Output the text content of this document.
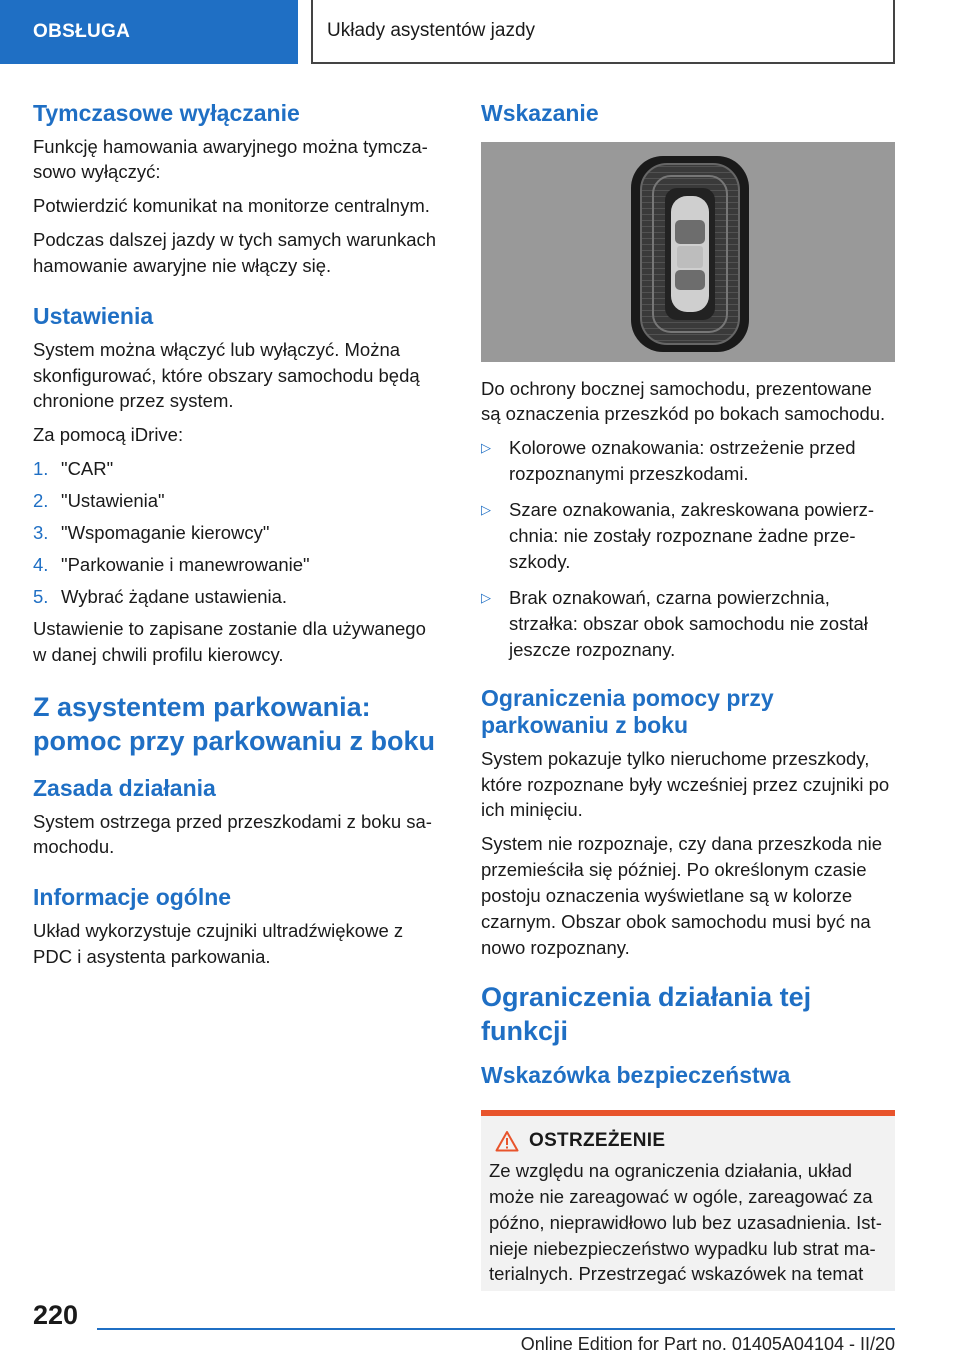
OBSŁUGA	Układy asystentów jazdy
Tymczasowe wyłączanie

Funkcję hamowania awaryjnego można tymcza-sowo wyłączyć:

Potwierdzić komunikat na monitorze centralnym.

Podczas dalszej jazdy w tych samych warunkach hamowanie awaryjne nie włączy się.

Ustawienia

System można włączyć lub wyłączyć. Można skonfigurować, które obszary samochodu będą chronione przez system.

Za pomocą iDrive:

1. "CAR"
2. "Ustawienia"
3. "Wspomaganie kierowcy"
4. "Parkowanie i manewrowanie"
5. Wybrać żądane ustawienia.

Ustawienie to zapisane zostanie dla używanego w danej chwili profilu kierowcy.

Z asystentem parkowania: pomoc przy parkowaniu z boku
Zasada działania

System ostrzega przed przeszkodami z boku sa-mochodu.

Informacje ogólne

Układ wykorzystuje czujniki ultradźwiękowe z PDC i asystenta parkowania.

Wskazanie

Do ochrony bocznej samochodu, prezentowane są oznaczenia przeszkód po bokach samochodu.

▷ Kolorowe oznakowania: ostrzeżenie przed rozpoznanymi przeszkodami.
▷ Szare oznakowania, zakreskowana powierz-chnia: nie zostały rozpoznane żadne prze-szkody.
▷ Brak oznakowań, czarna powierzchnia, strzałka: obszar obok samochodu nie został jeszcze rozpoznany.
Ograniczenia pomocy przy parkowaniu z boku

System pokazuje tylko nieruchome przeszkody, które rozpoznane były wcześniej przez czujniki po ich minięciu.

System nie rozpoznaje, czy dana przeszkoda nie przemieściła się później. Po określonym czasie postoju oznaczenia wyświetlane są w kolorze czarnym. Obszar obok samochodu musi być na nowo rozpoznany.

Ograniczenia działania tej funkcji
Wskazówka bezpieczeństwa
OSTRZEŻENIE

Ze względu na ograniczenia działania, układ może nie zareagować w ogóle, zareagować za późno, nieprawidłowo lub bez uzasadnienia. Ist-nieje niebezpieczeństwo wypadku lub strat ma-terialnych. Przestrzegać wskazówek na temat

220
Online Edition for Part no. 01405A04104 - II/20
